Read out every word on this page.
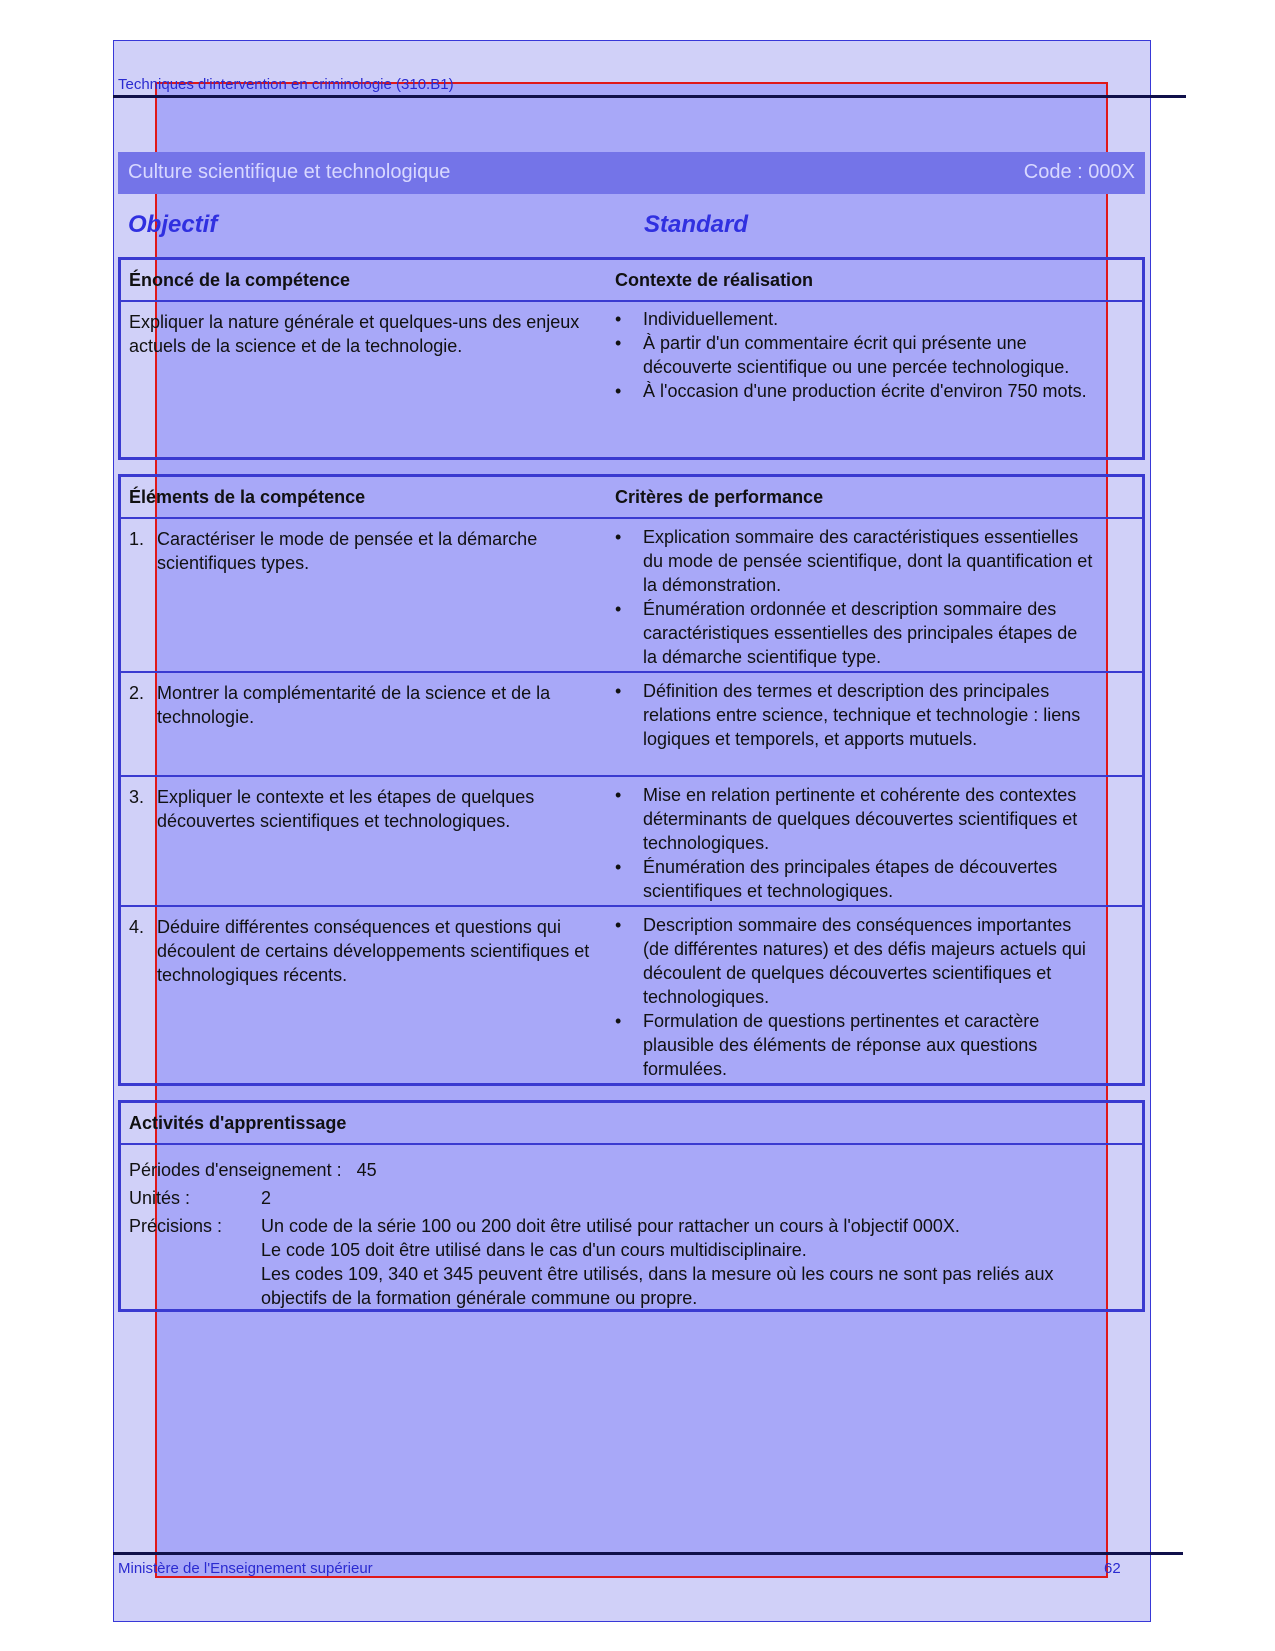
Techniques d'intervention en criminologie (310.B1)
Culture scientifique et technologique	Code : 000X
Objectif	Standard
Énoncé de la compétence	Contexte de réalisation
Expliquer la nature générale et quelques-uns des enjeux actuels de la science et de la technologie.
• Individuellement.
• À partir d'un commentaire écrit qui présente une découverte scientifique ou une percée technologique.
• À l'occasion d'une production écrite d'environ 750 mots.
Éléments de la compétence	Critères de performance
1. Caractériser le mode de pensée et la démarche scientifiques types.
• Explication sommaire des caractéristiques essentielles du mode de pensée scientifique, dont la quantification et la démonstration.
• Énumération ordonnée et description sommaire des caractéristiques essentielles des principales étapes de la démarche scientifique type.
2. Montrer la complémentarité de la science et de la technologie.
• Définition des termes et description des principales relations entre science, technique et technologie : liens logiques et temporels, et apports mutuels.
3. Expliquer le contexte et les étapes de quelques découvertes scientifiques et technologiques.
• Mise en relation pertinente et cohérente des contextes déterminants de quelques découvertes scientifiques et technologiques.
• Énumération des principales étapes de découvertes scientifiques et technologiques.
4. Déduire différentes conséquences et questions qui découlent de certains développements scientifiques et technologiques récents.
• Description sommaire des conséquences importantes (de différentes natures) et des défis majeurs actuels qui découlent de quelques découvertes scientifiques et technologiques.
• Formulation de questions pertinentes et caractère plausible des éléments de réponse aux questions formulées.
Activités d'apprentissage
Périodes d'enseignement : 45
Unités :	2
Précisions : Un code de la série 100 ou 200 doit être utilisé pour rattacher un cours à l'objectif 000X.
Le code 105 doit être utilisé dans le cas d'un cours multidisciplinaire.
Les codes 109, 340 et 345 peuvent être utilisés, dans la mesure où les cours ne sont pas reliés aux objectifs de la formation générale commune ou propre.
Ministère de l'Enseignement supérieur	62
